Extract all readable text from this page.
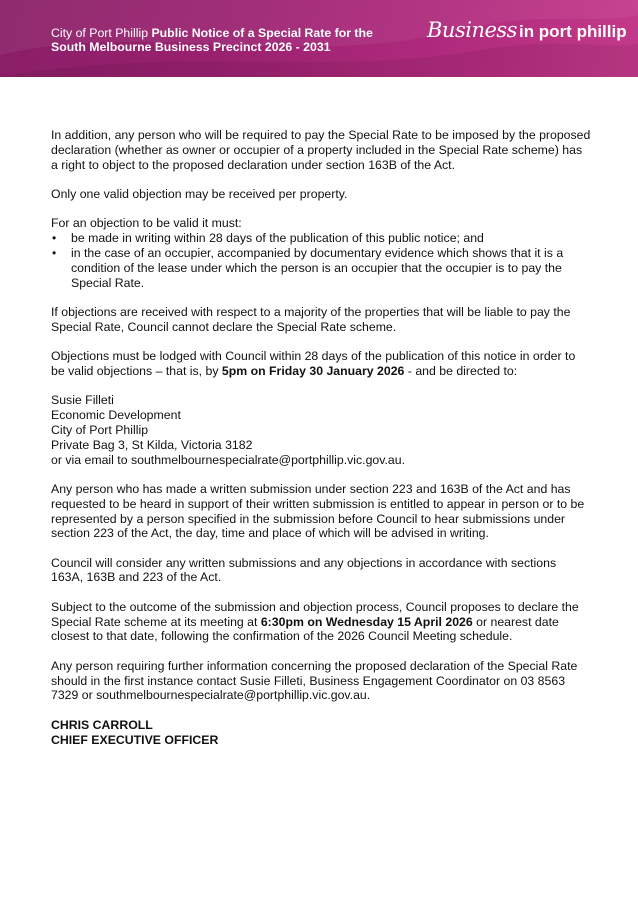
City of Port Phillip Public Notice of a Special Rate for the South Melbourne Business Precinct 2026 - 2031
Business in port phillip

In addition, any person who will be required to pay the Special Rate to be imposed by the proposed declaration (whether as owner or occupier of a property included in the Special Rate scheme) has a right to object to the proposed declaration under section 163B of the Act.

Only one valid objection may be received per property.

For an objection to be valid it must:

• be made in writing within 28 days of the publication of this public notice; and
• in the case of an occupier, accompanied by documentary evidence which shows that it is a condition of the lease under which the person is an occupier that the occupier is to pay the Special Rate.

If objections are received with respect to a majority of the properties that will be liable to pay the Special Rate, Council cannot declare the Special Rate scheme.

Objections must be lodged with Council within 28 days of the publication of this notice in order to be valid objections – that is, by 5pm on Friday 30 January 2026 - and be directed to:

Susie Filleti
Economic Development
City of Port Phillip
Private Bag 3, St Kilda, Victoria 3182
or via email to southmelbournespecialrate@portphillip.vic.gov.au.

Any person who has made a written submission under section 223 and 163B of the Act and has requested to be heard in support of their written submission is entitled to appear in person or to be represented by a person specified in the submission before Council to hear submissions under section 223 of the Act, the day, time and place of which will be advised in writing.

Council will consider any written submissions and any objections in accordance with sections 163A, 163B and 223 of the Act.

Subject to the outcome of the submission and objection process, Council proposes to declare the Special Rate scheme at its meeting at 6:30pm on Wednesday 15 April 2026 or nearest date closest to that date, following the confirmation of the 2026 Council Meeting schedule.

Any person requiring further information concerning the proposed declaration of the Special Rate should in the first instance contact Susie Filleti, Business Engagement Coordinator on 03 8563 7329 or southmelbournespecialrate@portphillip.vic.gov.au.

CHRIS CARROLL
CHIEF EXECUTIVE OFFICER
